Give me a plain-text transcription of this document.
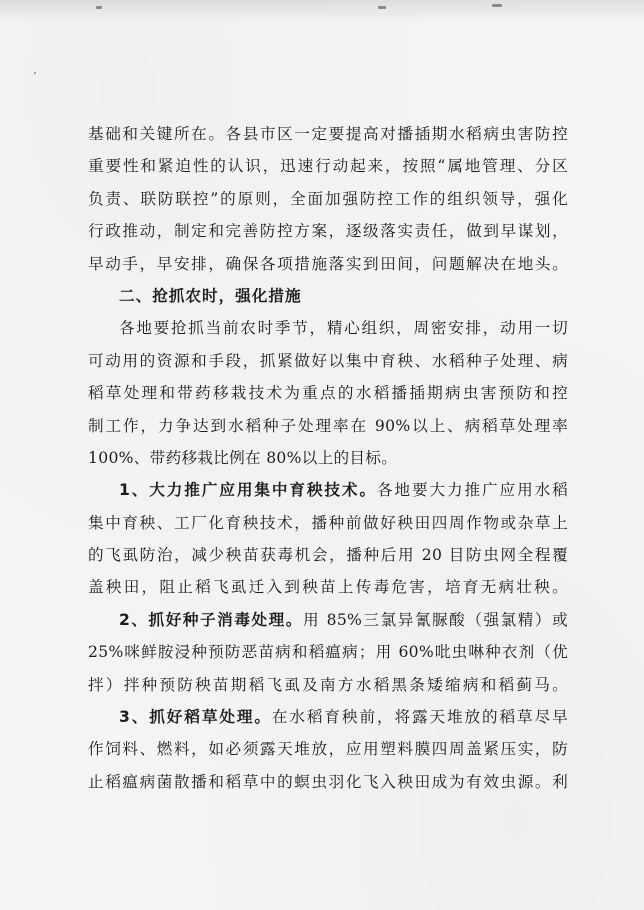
基础和关键所在。各县市区一定要提高对播插期水稻病虫害防控
重要性和紧迫性的认识，迅速行动起来，按照“属地管理、分区
负责、联防联控”的原则，全面加强防控工作的组织领导，强化
行政推动，制定和完善防控方案，逐级落实责任，做到早谋划，
早动手，早安排，确保各项措施落实到田间，问题解决在地头。
二、抢抓农时，强化措施
各地要抢抓当前农时季节，精心组织，周密安排，动用一切
可动用的资源和手段，抓紧做好以集中育秧、水稻种子处理、病
稻草处理和带药移栽技术为重点的水稻播插期病虫害预防和控
制工作，力争达到水稻种子处理率在 90%以上、病稻草处理率
100%、带药移栽比例在 80%以上的目标。
1、大力推广应用集中育秧技术。各地要大力推广应用水稻
集中育秧、工厂化育秧技术，播种前做好秧田四周作物或杂草上
的飞虱防治，减少秧苗获毒机会，播种后用 20 目防虫网全程覆
盖秧田，阻止稻飞虱迁入到秧苗上传毒危害，培育无病壮秧。
2、抓好种子消毒处理。用 85%三氯异氰脲酸（强氯精）或
25%咪鲜胺浸种预防恶苗病和稻瘟病；用 60%吡虫啉种衣剂（优
拌）拌种预防秧苗期稻飞虱及南方水稻黑条矮缩病和稻蓟马。
3、抓好稻草处理。在水稻育秧前，将露天堆放的稻草尽早
作饲料、燃料，如必须露天堆放，应用塑料膜四周盖紧压实，防
止稻瘟病菌散播和稻草中的螟虫羽化飞入秧田成为有效虫源。利
